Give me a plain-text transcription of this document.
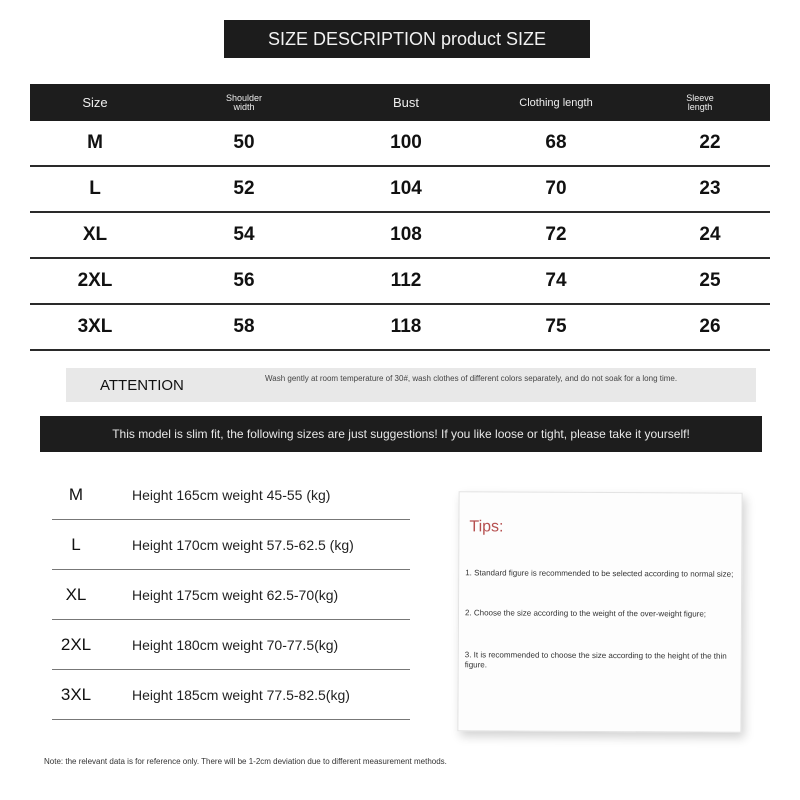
SIZE DESCRIPTION product SIZE
Size	Shoulder width	Bust	Clothing length	Sleeve length
M	50	100	68	22
L	52	104	70	23
XL	54	108	72	24
2XL	56	112	74	25
3XL	58	118	75	26
ATTENTION	Wash gently at room temperature of 30#, wash clothes of different colors separately, and do not soak for a long time.
This model is slim fit, the following sizes are just suggestions! If you like loose or tight, please take it yourself!
M	Height 165cm weight 45-55 (kg)
L	Height 170cm weight 57.5-62.5 (kg)
XL	Height 175cm weight 62.5-70(kg)
2XL	Height 180cm weight 70-77.5(kg)
3XL	Height 185cm weight 77.5-82.5(kg)
Tips:
1. Standard figure is recommended to be selected according to normal size;
2. Choose the size according to the weight of the over-weight figure;
3. It is recommended to choose the size according to the height of the thin figure.
Note: the relevant data is for reference only. There will be 1-2cm deviation due to different measurement methods.
